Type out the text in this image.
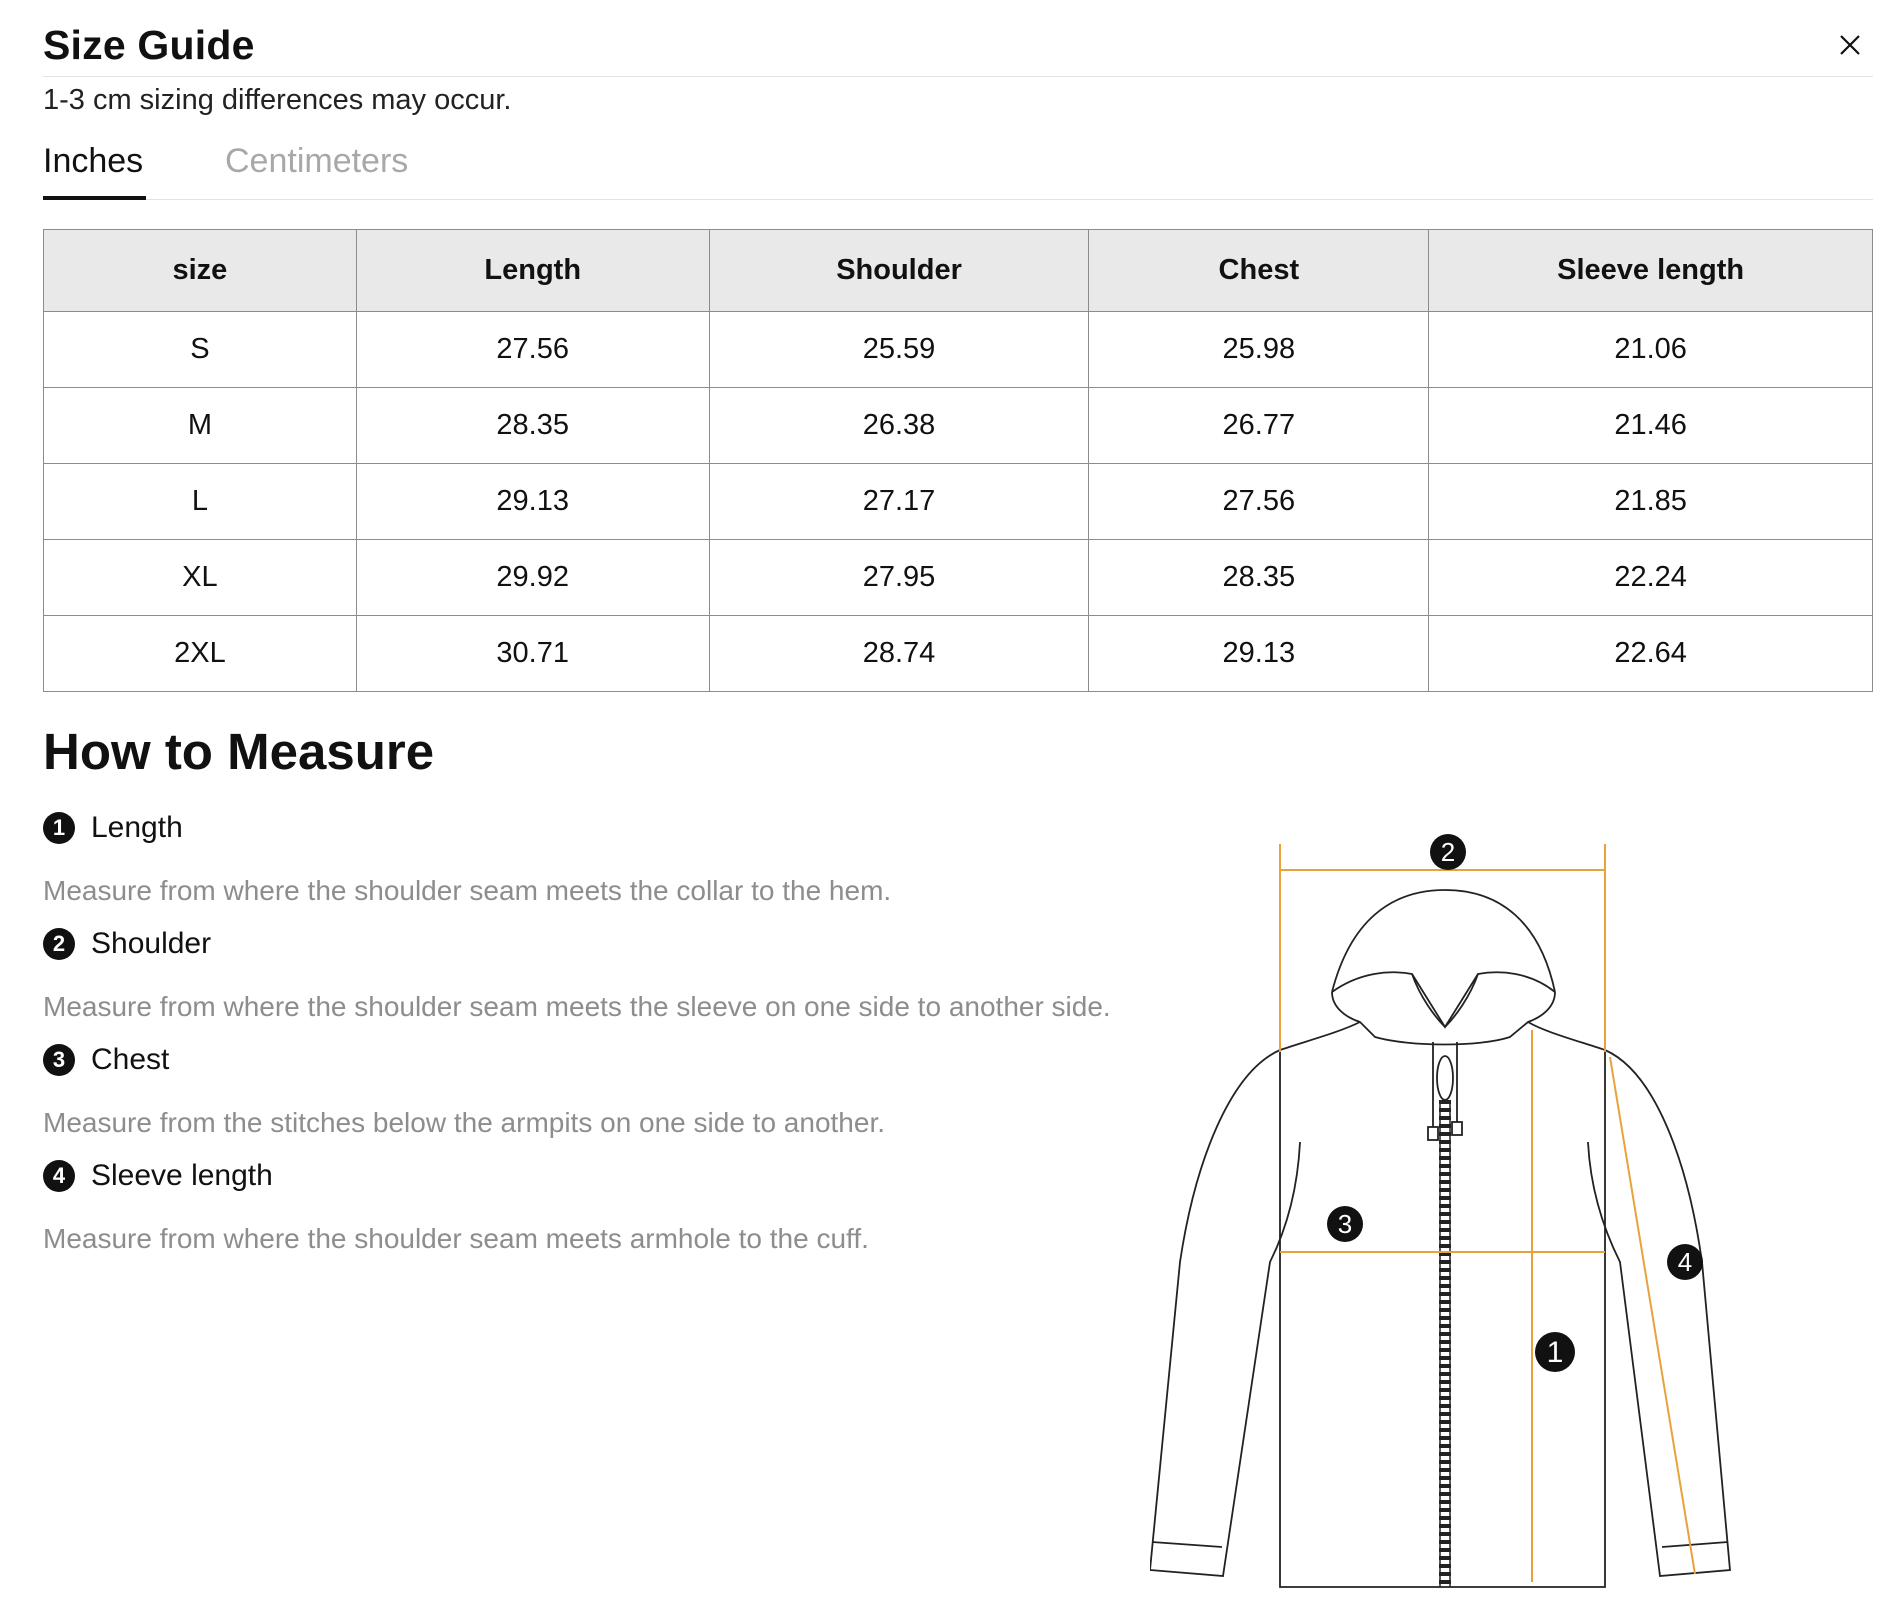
Size Guide
1-3 cm sizing differences may occur.
Inches Centimeters
size	Length	Shoulder	Chest	Sleeve length
S	27.56	25.59	25.98	21.06
M	28.35	26.38	26.77	21.46
L	29.13	27.17	27.56	21.85
XL	29.92	27.95	28.35	22.24
2XL	30.71	28.74	29.13	22.64
How to Measure
1 Length
Measure from where the shoulder seam meets the collar to the hem.
2 Shoulder
Measure from where the shoulder seam meets the sleeve on one side to another side.
3 Chest
Measure from the stitches below the armpits on one side to another.
4 Sleeve length
Measure from where the shoulder seam meets armhole to the cuff.
2
3
4
1
